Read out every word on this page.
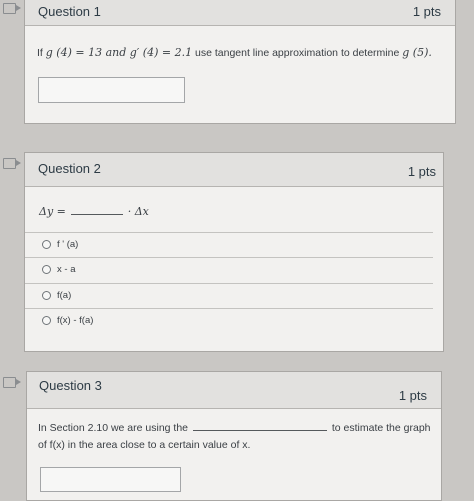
Question 1	1 pts
If g (4) = 13 and g′ (4) = 2.1 use tangent line approximation to determine g (5).
Question 2	1 pts
Δy =	· Δx
f ' (a)
x - a
f(a)
f(x) - f(a)
Question 3
1 pts
In Section 2.10 we are using the	to estimate the graph
of f(x) in the area close to a certain value of x.
